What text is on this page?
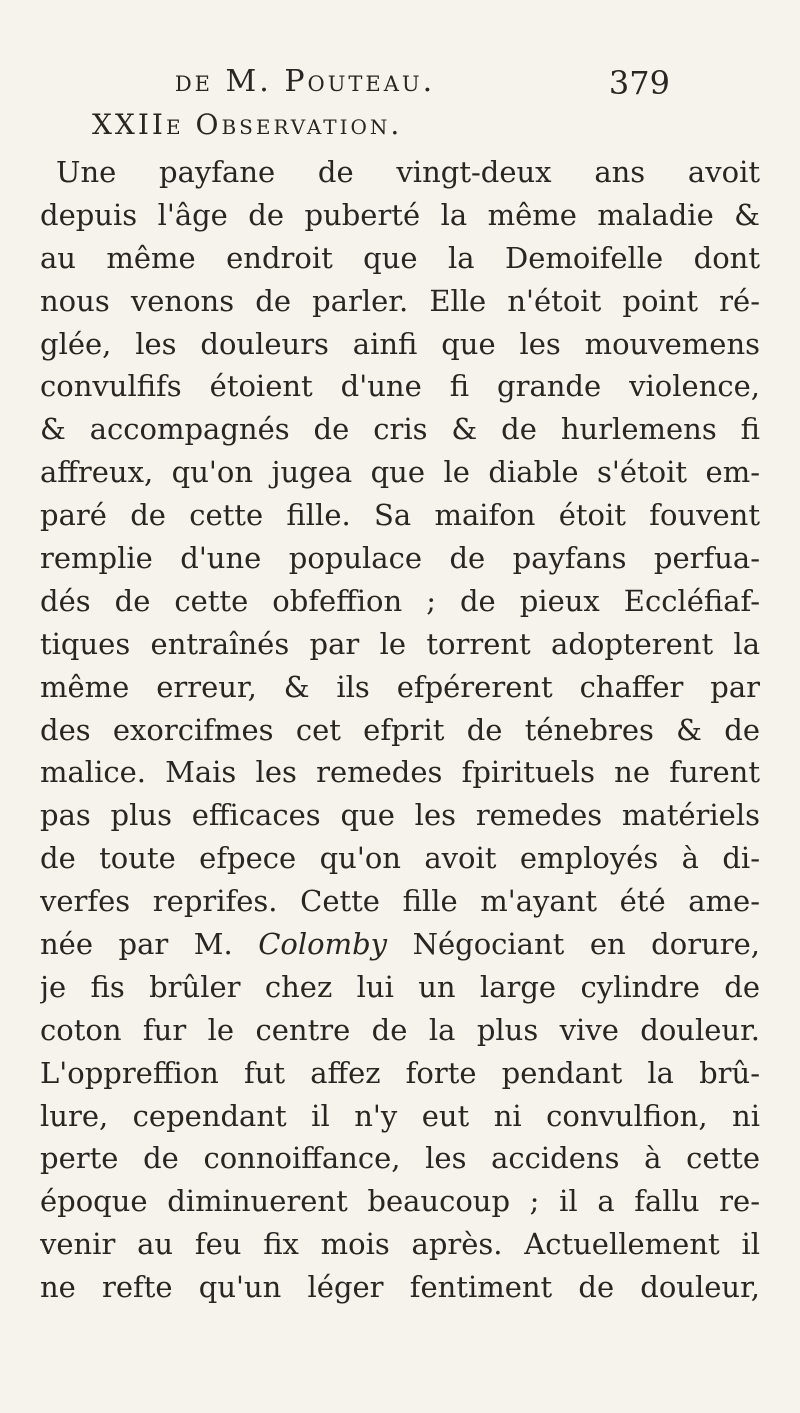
de M. Pouteau.	379
XXIIe Observation.
Une payfane de vingt-deux ans avoit
depuis l'âge de puberté la même maladie &
au même endroit que la Demoifelle dont
nous venons de parler. Elle n'étoit point ré-
glée, les douleurs ainfi que les mouvemens
convulfifs étoient d'une fi grande violence,
& accompagnés de cris & de hurlemens fi
affreux, qu'on jugea que le diable s'étoit em-
paré de cette fille. Sa maifon étoit fouvent
remplie d'une populace de payfans perfua-
dés de cette obfeffion ; de pieux Eccléfiaf-
tiques entraînés par le torrent adopterent la
même erreur, & ils efpérerent chaffer par
des exorcifmes cet efprit de ténebres & de
malice. Mais les remedes fpirituels ne furent
pas plus efficaces que les remedes matériels
de toute efpece qu'on avoit employés à di-
verfes reprifes. Cette fille m'ayant été ame-
née par M. Colomby Négociant en dorure,
je fis brûler chez lui un large cylindre de
coton fur le centre de la plus vive douleur.
L'oppreffion fut affez forte pendant la brû-
lure, cependant il n'y eut ni convulfion, ni
perte de connoiffance, les accidens à cette
époque diminuerent beaucoup ; il a fallu re-
venir au feu fix mois après. Actuellement il
ne refte qu'un léger fentiment de douleur,
